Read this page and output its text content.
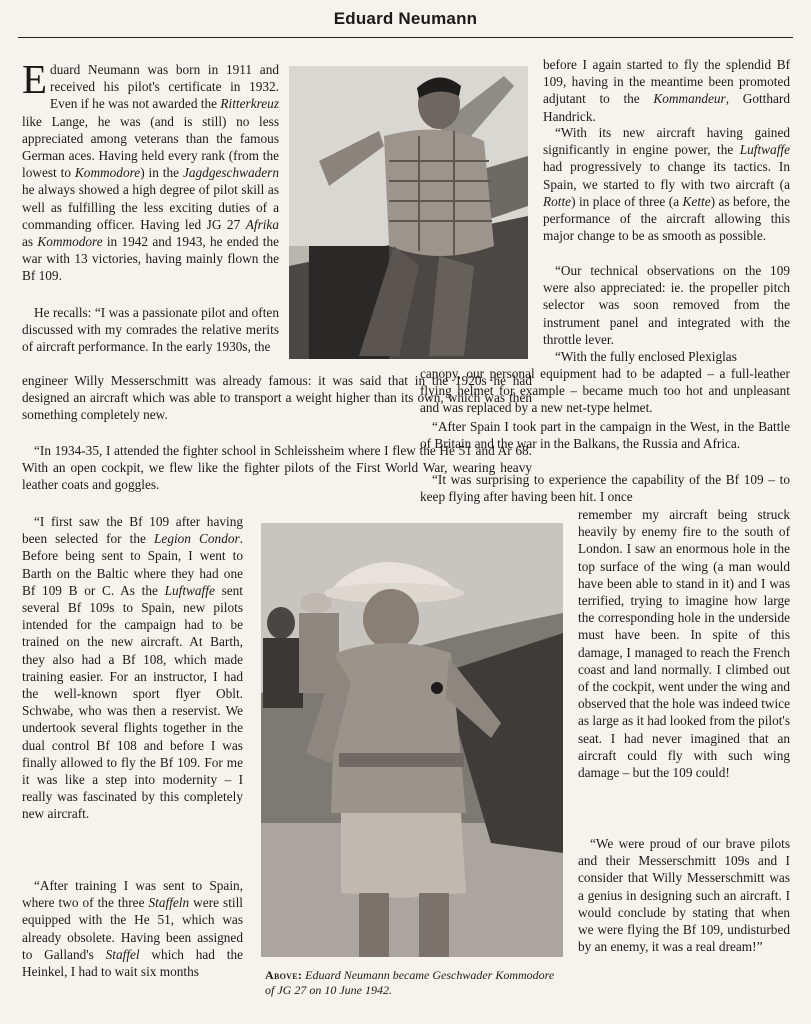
Eduard Neumann

Eduard Neumann was born in 1911 and received his pilot's certificate in 1932. Even if he was not awarded the Ritterkreuz like Lange, he was (and is still) no less appreciated among veterans than the famous German aces. Having held every rank (from the lowest to Kommodore) in the Jagdgeschwadern he always showed a high degree of pilot skill as well as fulfilling the less exciting duties of a commanding officer. Having led JG 27 Afrika as Kommodore in 1942 and 1943, he ended the war with 13 victories, having mainly flown the Bf 109.

He recalls: “I was a passionate pilot and often discussed with my comrades the relative merits of aircraft performance. In the early 1930s, the

engineer Willy Messerschmitt was already famous: it was said that in the 1920s he had designed an aircraft which was able to transport a weight higher than its own, which was then something completely new.

“In 1934-35, I attended the fighter school in Schleissheim where I flew the He 51 and Ar 68. With an open cockpit, we flew like the fighter pilots of the First World War, wearing heavy leather coats and goggles.

“I first saw the Bf 109 after having been selected for the Legion Condor. Before being sent to Spain, I went to Barth on the Baltic where they had one Bf 109 B or C. As the Luftwaffe sent several Bf 109s to Spain, new pilots intended for the campaign had to be trained on the new aircraft. At Barth, they also had a Bf 108, which made training easier. For an instructor, I had the well-known sport flyer Oblt. Schwabe, who was then a reservist. We undertook several flights together in the dual control Bf 108 and before I was finally allowed to fly the Bf 109. For me it was like a step into modernity – I really was fascinated by this completely new aircraft.

“After training I was sent to Spain, where two of the three Staffeln were still equipped with the He 51, which was already obsolete. Having been assigned to Galland's Staffel which had the Heinkel, I had to wait six months

before I again started to fly the splendid Bf 109, having in the meantime been promoted adjutant to the Kommandeur, Gotthard Handrick.

“With its new aircraft having gained significantly in engine power, the Luftwaffe had progressively to change its tactics. In Spain, we started to fly with two aircraft (a Rotte) in place of three (a Kette) as before, the performance of the aircraft allowing this major change to be as smooth as possible.

“Our technical observations on the 109 were also appreciated: ie. the propeller pitch selector was soon removed from the instrument panel and integrated with the throttle lever.

“With the fully enclosed Plexiglas

canopy, our personal equipment had to be adapted – a full-leather flying helmet for example – became much too hot and unpleasant and was replaced by a new net-type helmet.

“After Spain I took part in the campaign in the West, in the Battle of Britain and the war in the Balkans, the Russia and Africa.

“It was surprising to experience the capability of the Bf 109 – to keep flying after having been hit. I once

remember my aircraft being struck heavily by enemy fire to the south of London. I saw an enormous hole in the top surface of the wing (a man would have been able to stand in it) and I was terrified, trying to imagine how large the corresponding hole in the underside must have been. In spite of this damage, I managed to reach the French coast and land normally. I climbed out of the cockpit, went under the wing and observed that the hole was indeed twice as large as it had looked from the pilot's seat. I had never imagined that an aircraft could fly with such wing damage – but the 109 could!

“We were proud of our brave pilots and their Messerschmitt 109s and I consider that Willy Messerschmitt was a genius in designing such an aircraft. I would conclude by stating that when we were flying the Bf 109, undisturbed by an enemy, it was a real dream!”

Above: Eduard Neumann became Geschwader Kommodore of JG 27 on 10 June 1942.
